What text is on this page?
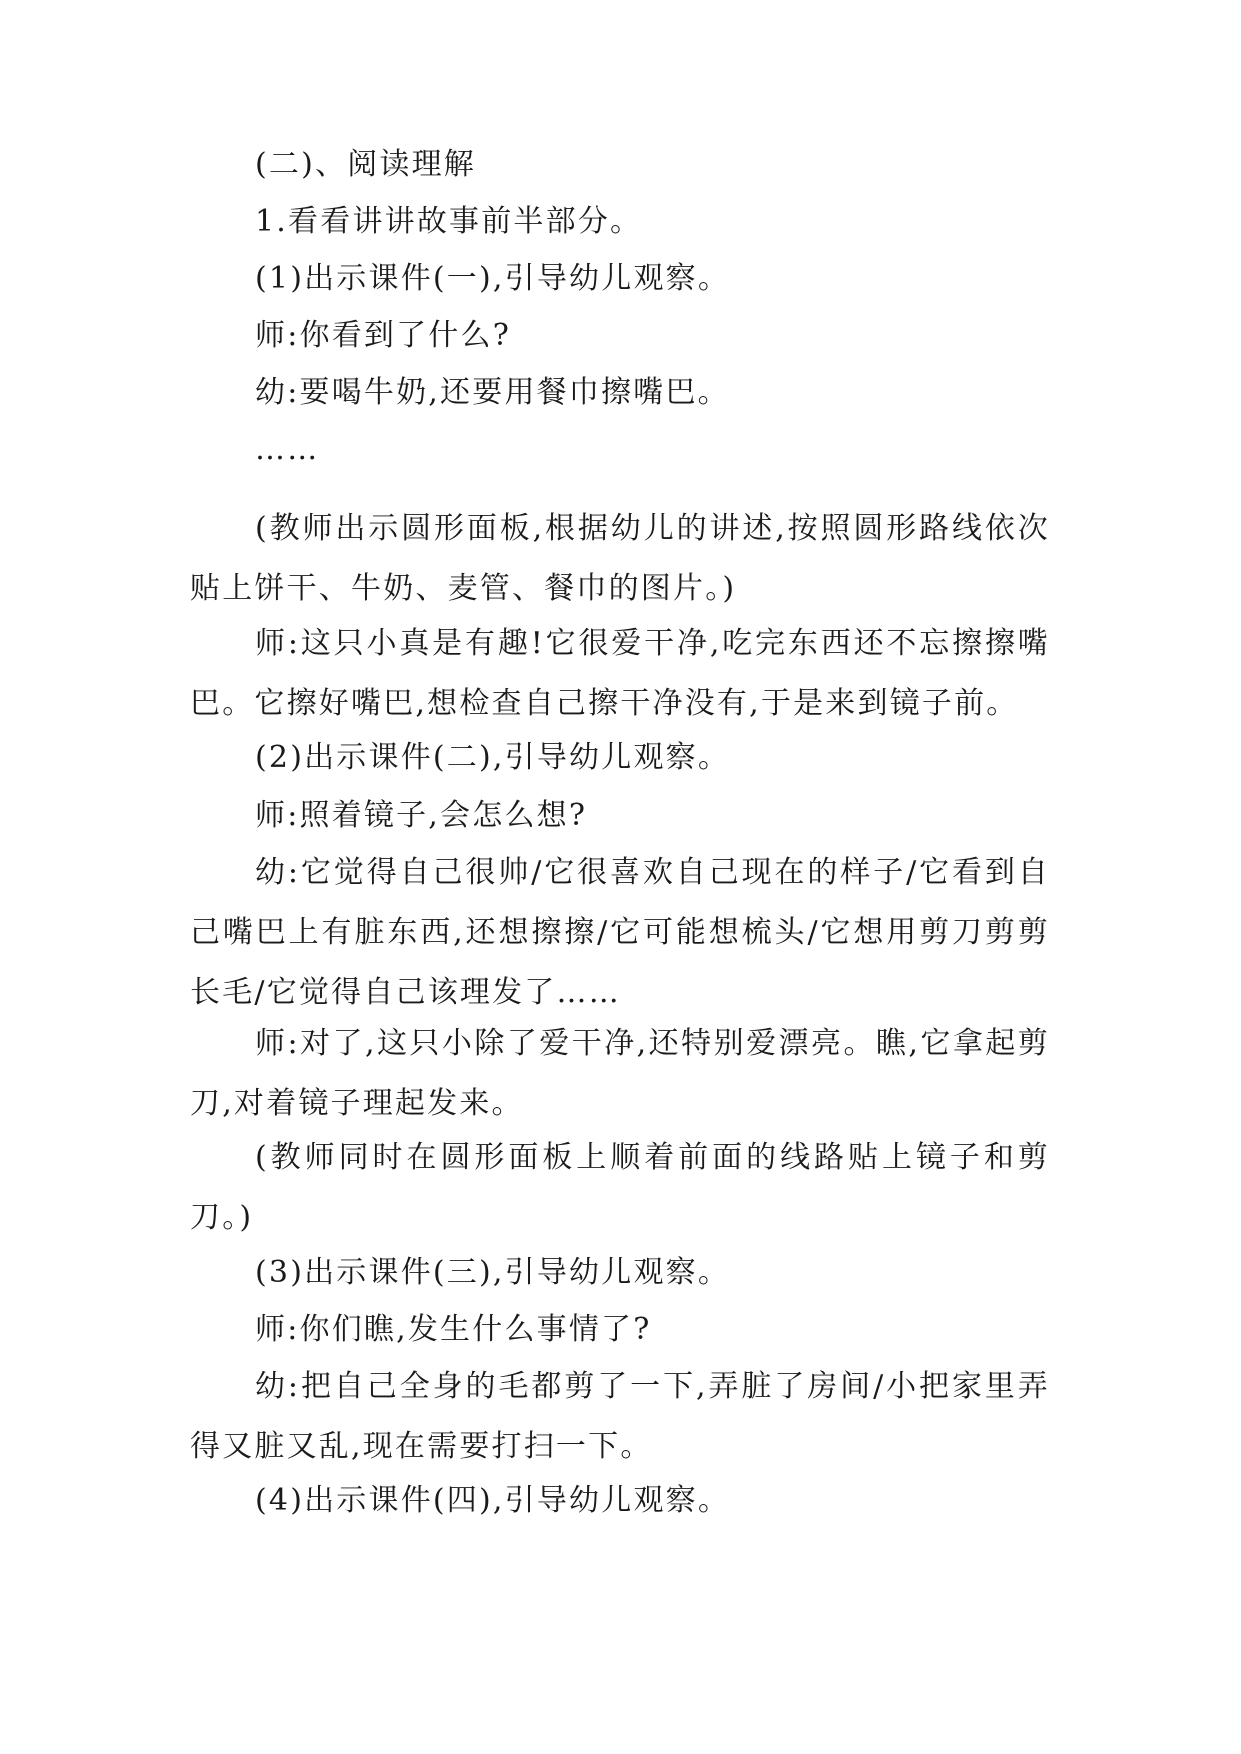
(二)、阅读理解

1.看看讲讲故事前半部分。

(1)出示课件(一),引导幼儿观察。

师:你看到了什么?

幼:要喝牛奶,还要用餐巾擦嘴巴。

……

(教师出示圆形面板,根据幼儿的讲述,按照圆形路线依次贴上饼干、牛奶、麦管、餐巾的图片。)

师:这只小真是有趣!它很爱干净,吃完东西还不忘擦擦嘴巴。它擦好嘴巴,想检查自己擦干净没有,于是来到镜子前。

(2)出示课件(二),引导幼儿观察。

师:照着镜子,会怎么想?

幼:它觉得自己很帅/它很喜欢自己现在的样子/它看到自己嘴巴上有脏东西,还想擦擦/它可能想梳头/它想用剪刀剪剪长毛/它觉得自己该理发了……

师:对了,这只小除了爱干净,还特别爱漂亮。瞧,它拿起剪刀,对着镜子理起发来。

(教师同时在圆形面板上顺着前面的线路贴上镜子和剪刀。)

(3)出示课件(三),引导幼儿观察。

师:你们瞧,发生什么事情了?

幼:把自己全身的毛都剪了一下,弄脏了房间/小把家里弄得又脏又乱,现在需要打扫一下。

(4)出示课件(四),引导幼儿观察。
